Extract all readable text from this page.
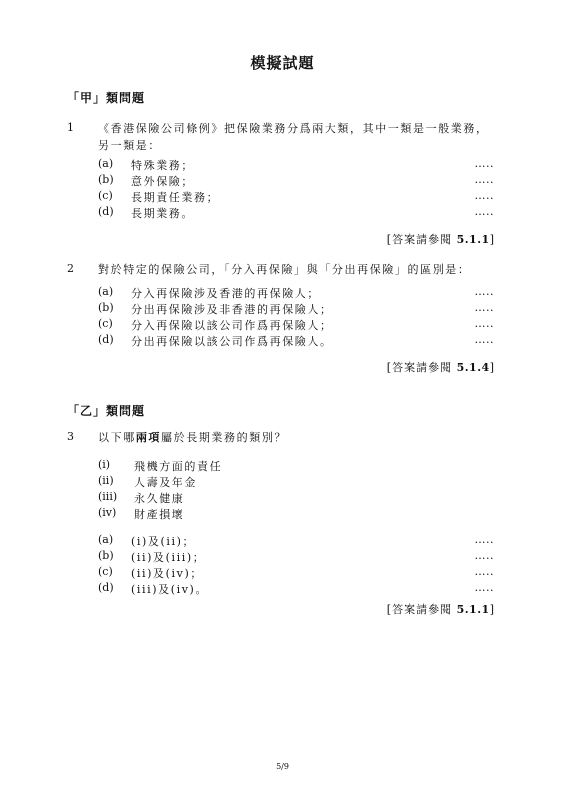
模擬試題
「甲」類問題
1 《香港保險公司條例》把保險業務分爲兩大類，其中一類是一般業務，另一類是：
(a) 特殊業務；	…..
(b) 意外保險；	…..
(c) 長期責任業務；	…..
(d) 長期業務。	…..
[答案請參閱 5.1.1]
2 對於特定的保險公司，「分入再保險」與「分出再保險」的區別是：
(a) 分入再保險涉及香港的再保險人；	…..
(b) 分出再保險涉及非香港的再保險人；	…..
(c) 分入再保險以該公司作爲再保險人；	…..
(d) 分出再保險以該公司作爲再保險人。	…..
[答案請參閱 5.1.4]
「乙」類問題
3 以下哪兩項屬於長期業務的類別？
(i) 飛機方面的責任
(ii) 人壽及年金
(iii) 永久健康
(iv) 財產損壞
(a) (i)及(ii)；	…..
(b) (ii)及(iii)；	…..
(c) (ii)及(iv)；	…..
(d) (iii)及(iv)。	…..
[答案請參閱 5.1.1]
5/9
